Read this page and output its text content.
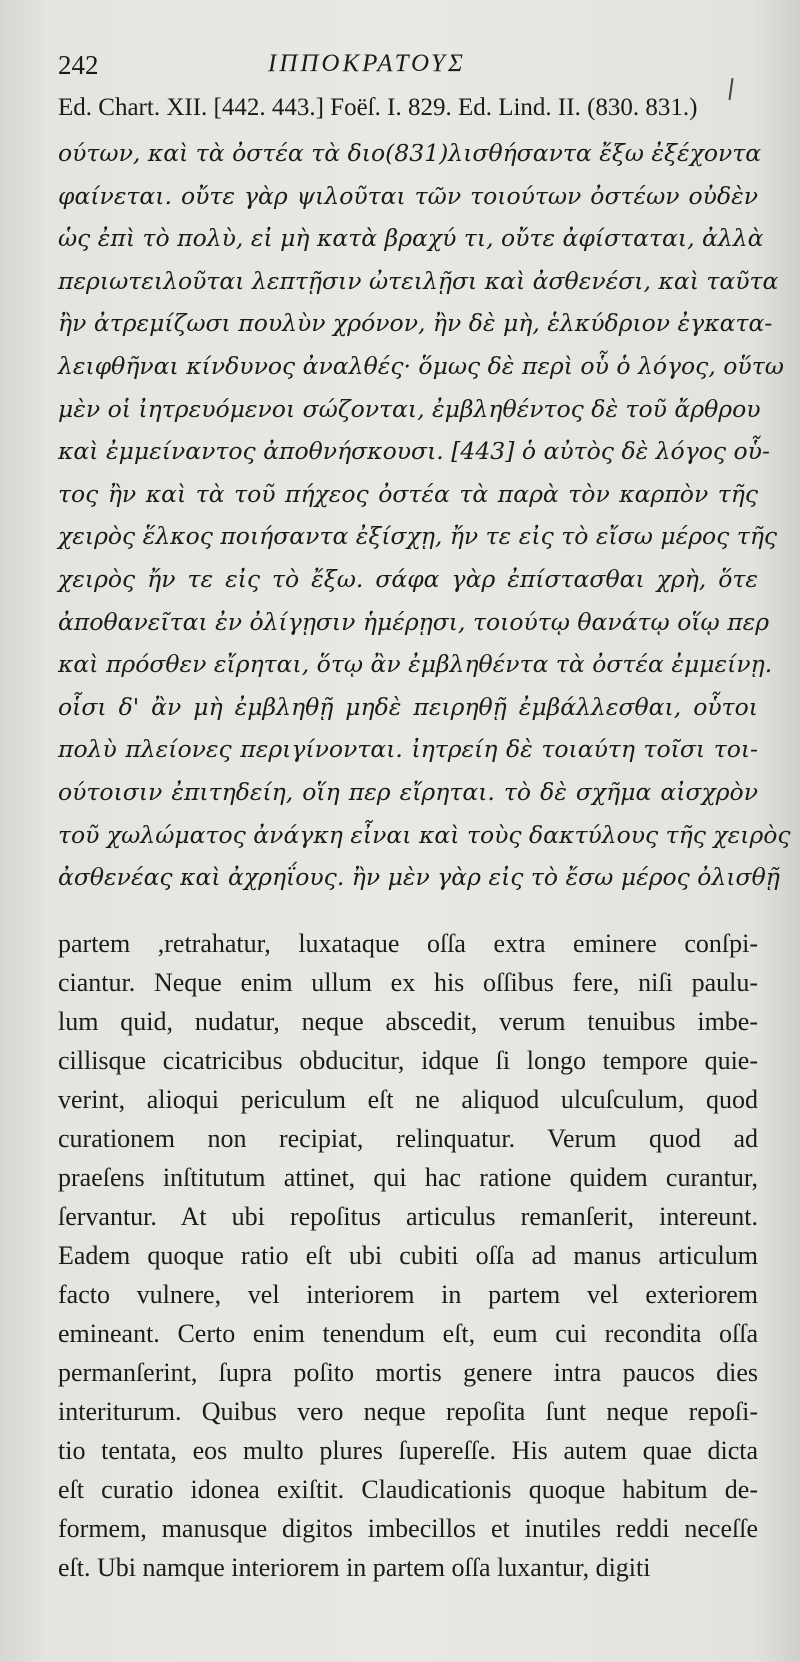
242	ΙΠΠΟΚΡΑΤΟΥΣ
Ed. Chart. XII. [442. 443.] Foëſ. I. 829. Ed. Lind. II. (830. 831.)
ούτων, καὶ τὰ ὀστέα τὰ διο(831)λισθήσαντα ἔξω ἐξέχοντα
φαίνεται. οὔτε γὰρ ψιλοῦται τῶν τοιούτων ὀστέων οὐδὲν
ὡς ἐπὶ τὸ πολὺ, εἰ μὴ κατὰ βραχύ τι, οὔτε ἀφίσταται, ἀλλὰ
περιωτειλοῦται λεπτῇσιν ὠτειλῇσι καὶ ἀσθενέσι, καὶ ταῦτα
ἢν ἀτρεμίζωσι πουλὺν χρόνον, ἢν δὲ μὴ, ἑλκύδριον ἐγκατα-
λειφθῆναι κίνδυνος ἀναλθές· ὅμως δὲ περὶ οὗ ὁ λόγος, οὕτω
μὲν οἱ ἰητρευόμενοι σώζονται, ἐμβληθέντος δὲ τοῦ ἄρθρου
καὶ ἐμμείναντος ἀποθνήσκουσι. [443] ὁ αὐτὸς δὲ λόγος οὗ-
τος ἢν καὶ τὰ τοῦ πήχεος ὀστέα τὰ παρὰ τὸν καρπὸν τῆς
χειρὸς ἕλκος ποιήσαντα ἐξίσχῃ, ἤν τε εἰς τὸ εἴσω μέρος τῆς
χειρὸς ἤν τε εἰς τὸ ἔξω. σάφα γὰρ ἐπίστασθαι χρὴ, ὅτε
ἀποθανεῖται ἐν ὀλίγῃσιν ἡμέρῃσι, τοιούτῳ θανάτῳ οἵῳ περ
καὶ πρόσθεν εἴρηται, ὅτῳ ἂν ἐμβληθέντα τὰ ὀστέα ἐμμείνῃ.
οἷσι δ' ἂν μὴ ἐμβληθῇ μηδὲ πειρηθῇ ἐμβάλλεσθαι, οὗτοι
πολὺ πλείονες περιγίνονται. ἰητρείη δὲ τοιαύτη τοῖσι τοι-
ούτοισιν ἐπιτηδείη, οἵη περ εἴρηται. τὸ δὲ σχῆμα αἰσχρὸν
τοῦ χωλώματος ἀνάγκη εἶναι καὶ τοὺς δακτύλους τῆς χειρὸς
ἀσθενέας καὶ ἀχρηΐους. ἢν μὲν γὰρ εἰς τὸ ἔσω μέρος ὀλισθῇ
partem ,retrahatur, luxataque oſſa extra eminere conſpi-
ciantur. Neque enim ullum ex his oſſibus fere, niſi paulu-
lum quid, nudatur, neque abscedit, verum tenuibus imbe-
cillisque cicatricibus obducitur, idque ſi longo tempore quie-
verint, alioqui periculum eſt ne aliquod ulcuſculum, quod
curationem non recipiat, relinquatur. Verum quod ad
praeſens inſtitutum attinet, qui hac ratione quidem curantur,
ſervantur. At ubi repoſitus articulus remanſerit, intereunt.
Eadem quoque ratio eſt ubi cubiti oſſa ad manus articulum
facto vulnere, vel interiorem in partem vel exteriorem
emineant. Certo enim tenendum eſt, eum cui recondita oſſa
permanſerint, ſupra poſito mortis genere intra paucos dies
interiturum. Quibus vero neque repoſita ſunt neque repoſi-
tio tentata, eos multo plures ſupereſſe. His autem quae dicta
eſt curatio idonea exiſtit. Claudicationis quoque habitum de-
formem, manusque digitos imbecillos et inutiles reddi neceſſe
eſt. Ubi namque interiorem in partem oſſa luxantur, digiti
